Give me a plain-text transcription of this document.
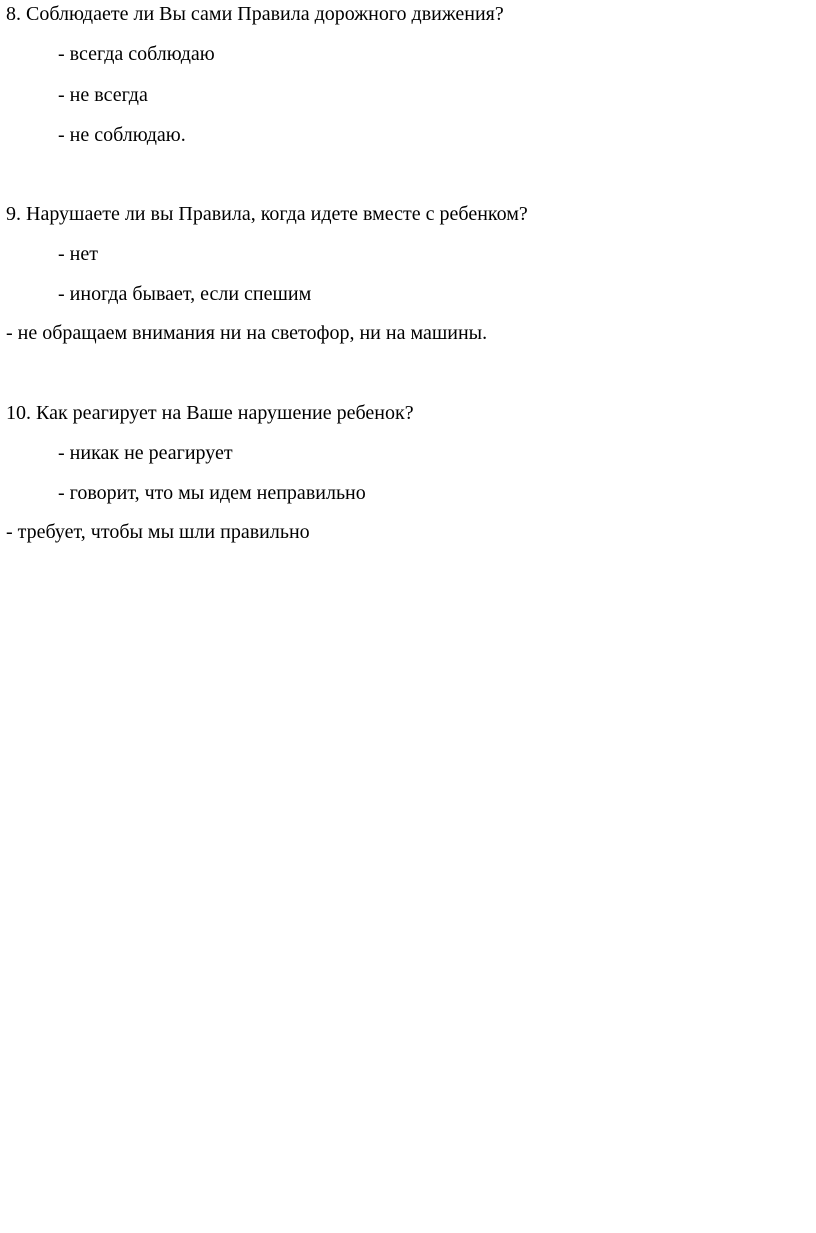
8. Соблюдаете ли Вы сами Правила дорожного движения?
- всегда соблюдаю
- не всегда
- не соблюдаю.
9. Нарушаете ли вы Правила, когда идете вместе с ребенком?
- нет
- иногда бывает, если спешим
- не обращаем внимания ни на светофор, ни на машины.
10. Как реагирует на Ваше нарушение ребенок?
- никак не реагирует
- говорит, что мы идем неправильно
- требует, чтобы мы шли правильно
